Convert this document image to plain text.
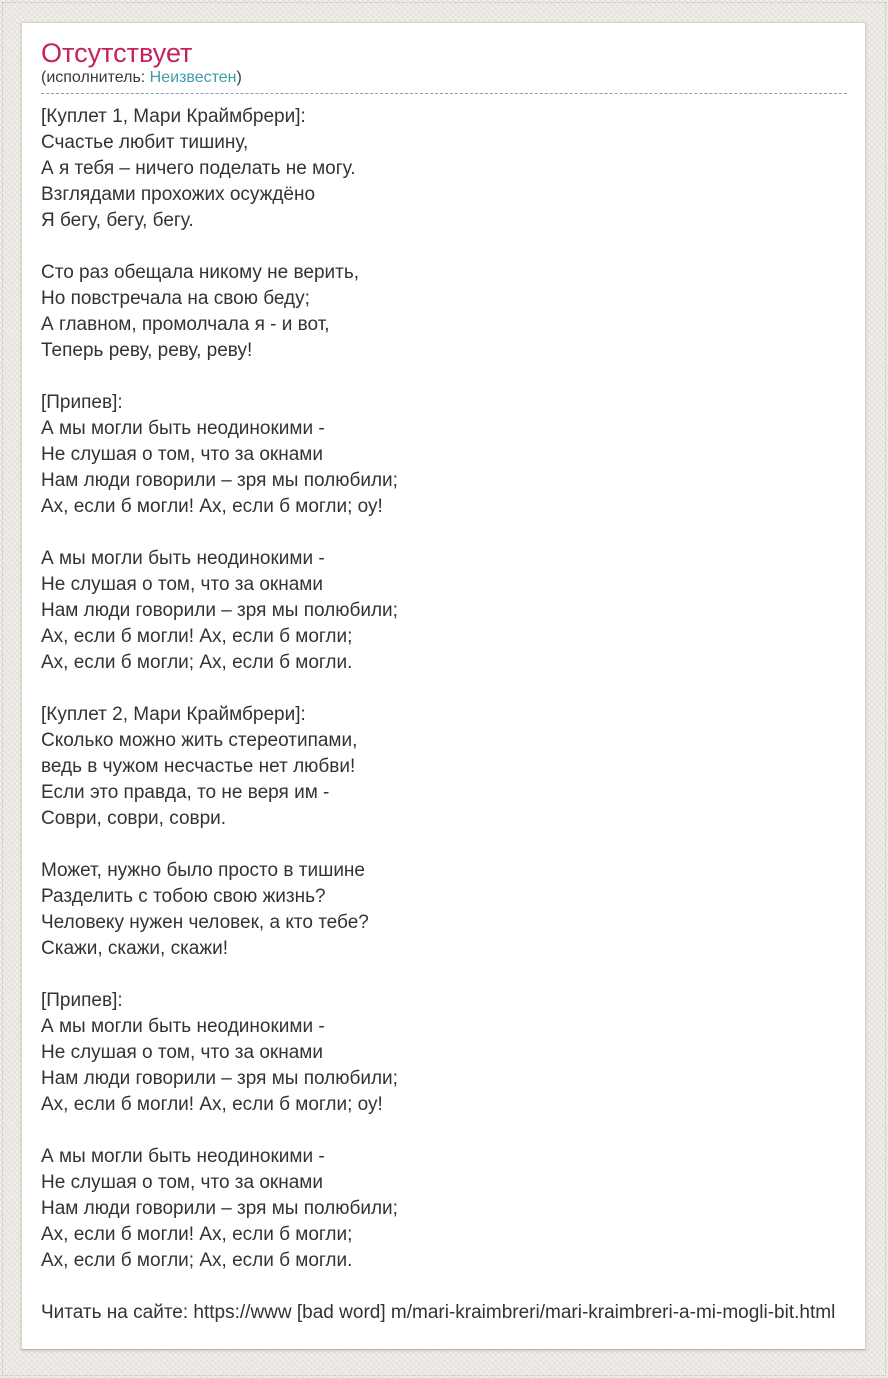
Отсутствует
(исполнитель: Неизвестен)
[Куплет 1, Мари Краймбрери]:
Счастье любит тишину,
А я тебя – ничего поделать не могу.
Взглядами прохожих осуждёно
Я бегу, бегу, бегу.
Сто раз обещала никому не верить,
Но повстречала на свою беду;
А главном, промолчала я - и вот,
Теперь реву, реву, реву!
[Припев]:
А мы могли быть неодинокими -
Не слушая о том, что за окнами
Нам люди говорили – зря мы полюбили;
Ах, если б могли! Ах, если б могли; оу!
А мы могли быть неодинокими -
Не слушая о том, что за окнами
Нам люди говорили – зря мы полюбили;
Ах, если б могли! Ах, если б могли;
Ах, если б могли; Ах, если б могли.
[Куплет 2, Мари Краймбрери]:
Сколько можно жить стереотипами,
ведь в чужом несчастье нет любви!
Если это правда, то не веря им -
Соври, соври, соври.
Может, нужно было просто в тишине
Разделить с тобою свою жизнь?
Человеку нужен человек, а кто тебе?
Скажи, скажи, скажи!
[Припев]:
А мы могли быть неодинокими -
Не слушая о том, что за окнами
Нам люди говорили – зря мы полюбили;
Ах, если б могли! Ах, если б могли; оу!
А мы могли быть неодинокими -
Не слушая о том, что за окнами
Нам люди говорили – зря мы полюбили;
Ах, если б могли! Ах, если б могли;
Ах, если б могли; Ах, если б могли.

Читать на сайте: https://www [bad word] m/mari-kraimbreri/mari-kraimbreri-a-mi-mogli-bit.html
